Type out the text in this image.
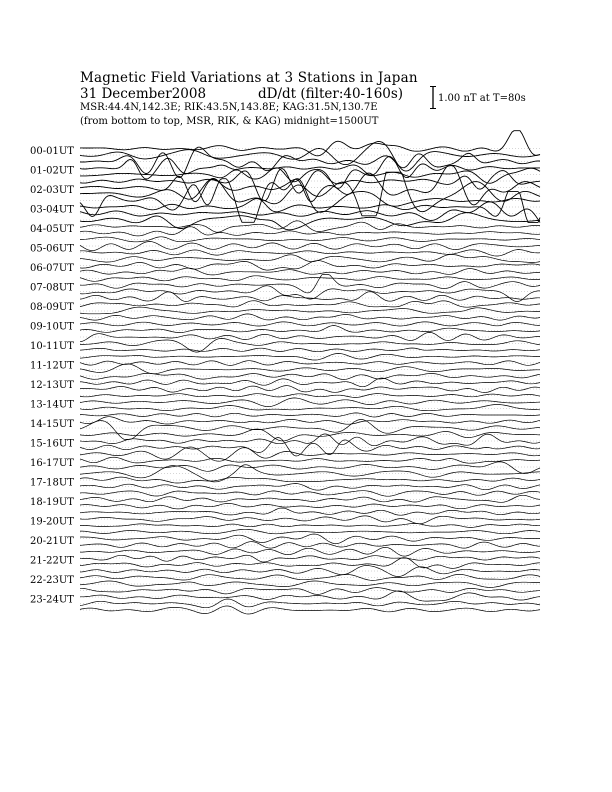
Magnetic Field Variations at 3 Stations in Japan
31 December2008	dD/dt (filter:40-160s)
MSR:44.4N,142.3E; RIK:43.5N,143.8E; KAG:31.5N,130.7E
(from bottom to top, MSR, RIK, & KAG) midnight=1500UT
1.00 nT at T=80s
00-01UT
01-02UT
02-03UT
03-04UT
04-05UT
05-06UT
06-07UT
07-08UT
08-09UT
09-10UT
10-11UT
11-12UT
12-13UT
13-14UT
14-15UT
15-16UT
16-17UT
17-18UT
18-19UT
19-20UT
20-21UT
21-22UT
22-23UT
23-24UT
